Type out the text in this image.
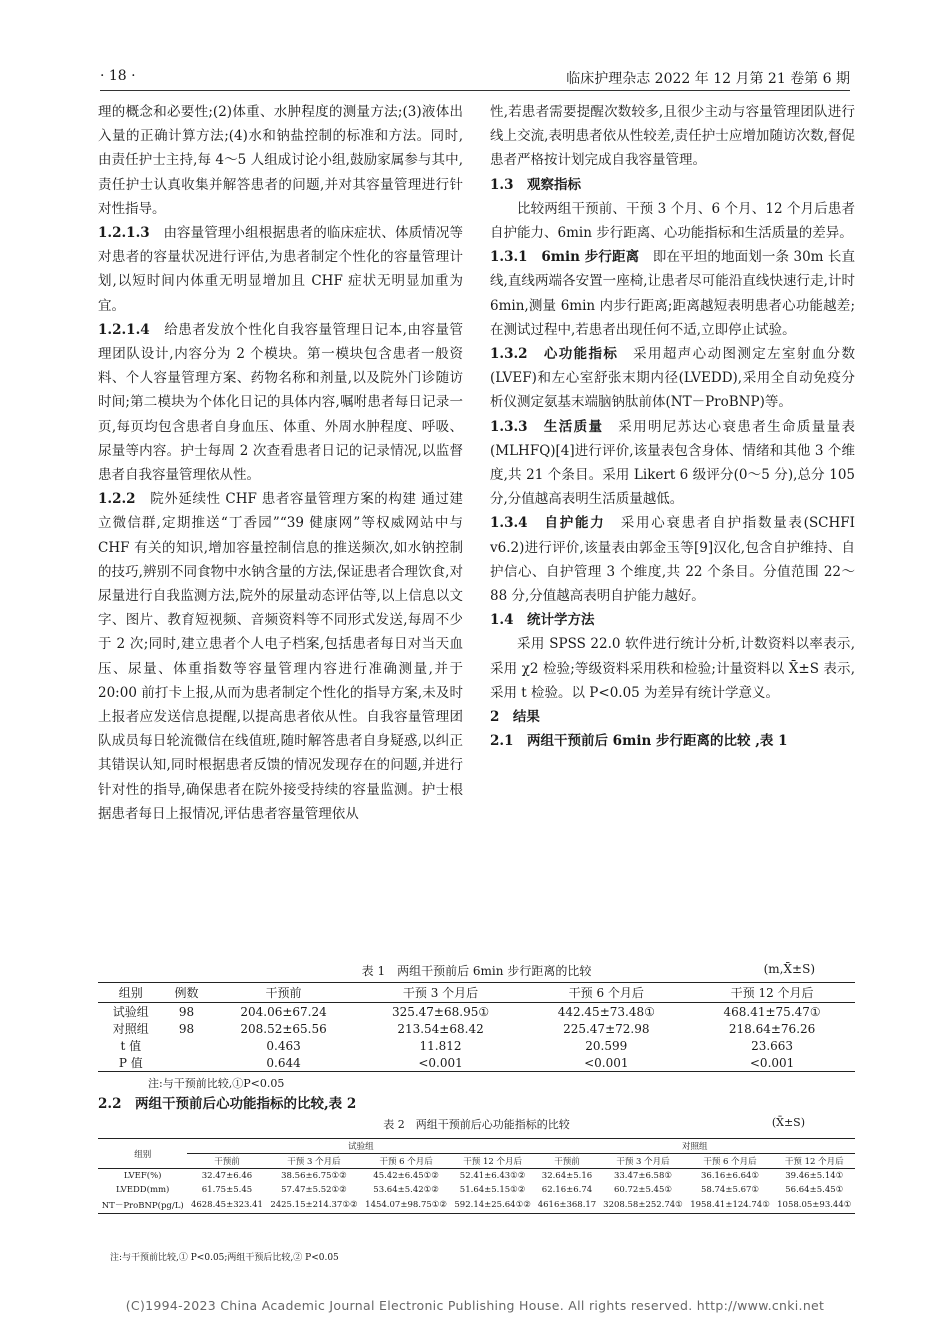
· 18 ·	临床护理杂志 2022 年 12 月第 21 卷第 6 期

理的概念和必要性;(2)体重、水肿程度的测量方法;(3)液体出入量的正确计算方法;(4)水和钠盐控制的标准和方法。同时,由责任护士主持,每 4～5 人组成讨论小组,鼓励家属参与其中,责任护士认真收集并解答患者的问题,并对其容量管理进行针对性指导。

1.2.1.3　 由容量管理小组根据患者的临床症状、体质情况等对患者的容量状况进行评估,为患者制定个性化的容量管理计划,以短时间内体重无明显增加且 CHF 症状无明显加重为宜。

1.2.1.4　 给患者发放个性化自我容量管理日记本,由容量管理团队设计,内容分为 2 个模块。第一模块包含患者一般资料、个人容量管理方案、药物名称和剂量,以及院外门诊随访时间;第二模块为个体化日记的具体内容,嘱咐患者每日记录一页,每页均包含患者自身血压、体重、外周水肿程度、呼吸、尿量等内容。护士每周 2 次查看患者日记的记录情况,以监督患者自我容量管理依从性。

1.2.2　 院外延续性 CHF 患者容量管理方案的构建 通过建立微信群,定期推送“丁香园”“39 健康网”等权威网站中与 CHF 有关的知识,增加容量控制信息的推送频次,如水钠控制的技巧,辨别不同食物中水钠含量的方法,保证患者合理饮食,对尿量进行自我监测方法,院外的尿量动态评估等,以上信息以文字、图片、教育短视频、音频资料等不同形式发送,每周不少于 2 次;同时,建立患者个人电子档案,包括患者每日对当天血压、尿量、体重指数等容量管理内容进行准确测量,并于 20:00 前打卡上报,从而为患者制定个性化的指导方案,未及时上报者应发送信息提醒,以提高患者依从性。自我容量管理团队成员每日轮流微信在线值班,随时解答患者自身疑惑,以纠正其错误认知,同时根据患者反馈的情况发现存在的问题,并进行针对性的指导,确保患者在院外接受持续的容量监测。护士根据患者每日上报情况,评估患者容量管理依从

性,若患者需要提醒次数较多,且很少主动与容量管理团队进行线上交流,表明患者依从性较差,责任护士应增加随访次数,督促患者严格按计划完成自我容量管理。

1.3　观察指标

比较两组干预前、干预 3 个月、6 个月、12 个月后患者自护能力、6min 步行距离、心功能指标和生活质量的差异。

1.3.1　6min 步行距离　 即在平坦的地面划一条 30m 长直线,直线两端各安置一座椅,让患者尽可能沿直线快速行走,计时 6min,测量 6min 内步行距离;距离越短表明患者心功能越差;在测试过程中,若患者出现任何不适,立即停止试验。

1.3.2　心功能指标　 采用超声心动图测定左室射血分数(LVEF)和左心室舒张末期内径(LVEDD),采用全自动免疫分析仪测定氨基末端脑钠肽前体(NT－ProBNP)等。

1.3.3　生活质量　 采用明尼苏达心衰患者生命质量量表(MLHFQ)[4]进行评价,该量表包含身体、情绪和其他 3 个维度,共 21 个条目。采用 Likert 6 级评分(0～5 分),总分 105 分,分值越高表明生活质量越低。

1.3.4　自护能力　 采用心衰患者自护指数量表(SCHFI v6.2)进行评价,该量表由郭金玉等[9]汉化,包含自护维持、自护信心、自护管理 3 个维度,共 22 个条目。分值范围 22～88 分,分值越高表明自护能力越好。

1.4　统计学方法

采用 SPSS 22.0 软件进行统计分析,计数资料以率表示,采用 χ2 检验;等级资料采用秩和检验;计量资料以 X̄±S 表示,采用 t 检验。以 P<0.05 为差异有统计学意义。

2　结果

2.1　两组干预前后 6min 步行距离的比较 ,表 1

表 1　两组干预前后 6min 步行距离的比较	(m,X̄±S)
组别	例数	干预前	干预 3 个月后	干预 6 个月后	干预 12 个月后
试验组	98	204.06±67.24	325.47±68.95①	442.45±73.48①	468.41±75.47①
对照组	98	208.52±65.56	213.54±68.42	225.47±72.98	218.64±76.26
t 值		0.463	11.812	20.599	23.663
P 值		0.644	<0.001	<0.001	<0.001
注:与干预前比较,①P<0.05
2.2　两组干预前后心功能指标的比较,表 2
表 2　两组干预前后心功能指标的比较	(X̄±S)
组别	试验组				对照组			
	干预前	干预 3 个月后	干预 6 个月后	干预 12 个月后	干预前	干预 3 个月后	干预 6 个月后	干预 12 个月后
LVEF(%)	32.47±6.46	38.56±6.75①②	45.42±6.45①②	52.41±6.43①②	32.64±5.16	33.47±6.58①	36.16±6.64①	39.46±5.14①
LVEDD(mm)	61.75±5.45	57.47±5.52①②	53.64±5.42①②	51.64±5.15①②	62.16±6.74	60.72±5.45①	58.74±5.67①	56.64±5.45①
NT－ProBNP(pg/L)	4628.45±323.41	2425.15±214.37①②	1454.07±98.75①②	592.14±25.64①②	4616±368.17	3208.58±252.74①	1958.41±124.74①	1058.05±93.44①
注:与干预前比较,① P<0.05;两组干预后比较,② P<0.05
(C)1994-2023 China Academic Journal Electronic Publishing House. All rights reserved. http://www.cnki.net
